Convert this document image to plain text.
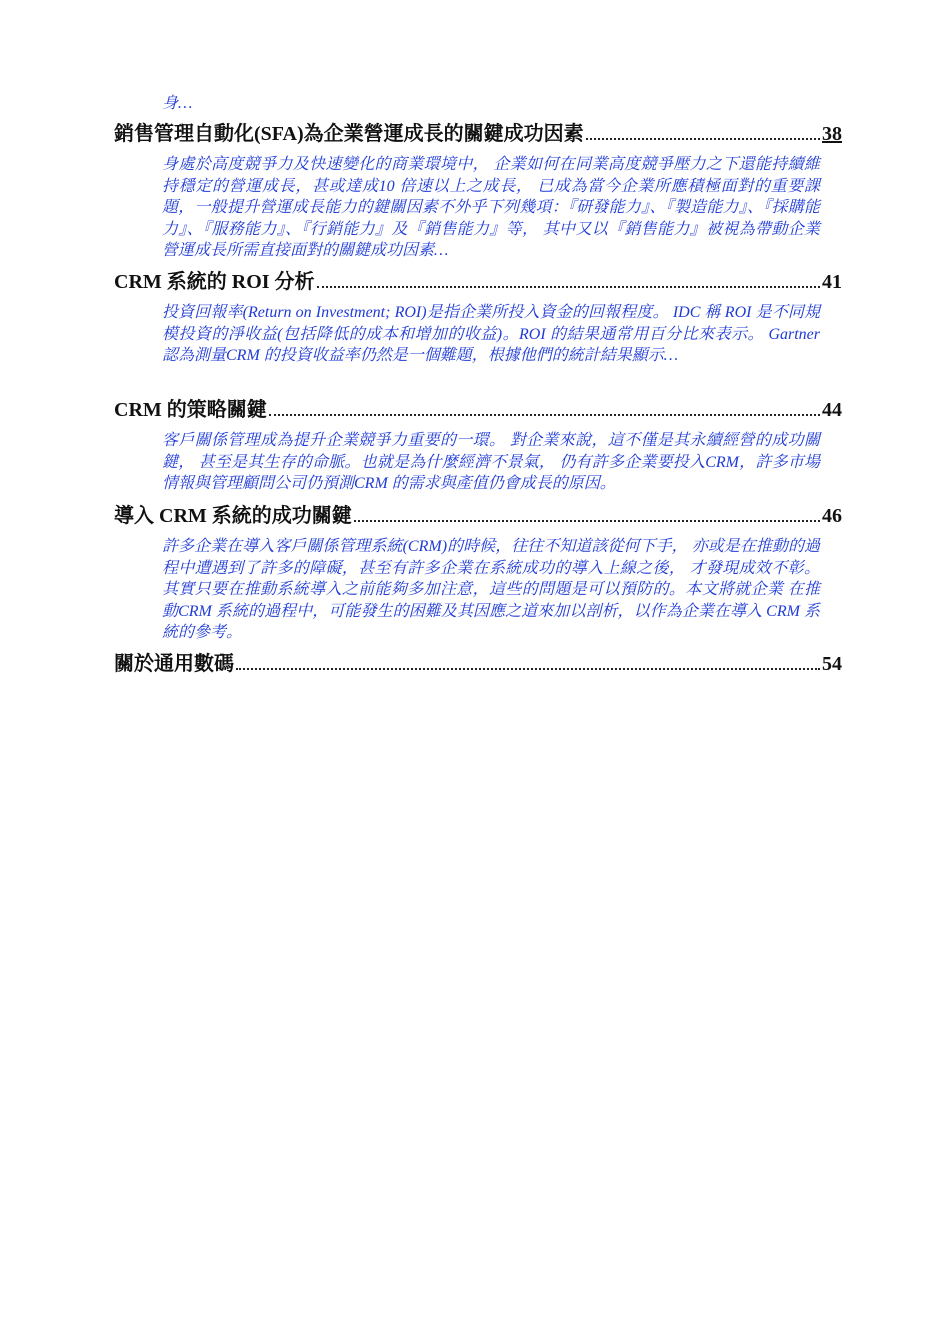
身…
銷售管理自動化(SFA)為企業營運成長的關鍵成功因素	38
身處於高度競爭力及快速變化的商業環境中， 企業如何在同業高度競爭壓力之下還能持續維持穩定的營運成長，甚或達成10 倍速以上之成長， 已成為當今企業所應積極面對的重要課題，一般提升營運成長能力的鍵關因素不外乎下列幾項：『研發能力』、『製造能力』、『採購能力』、『服務能力』、『行銷能力』及『銷售能力』等， 其中又以『銷售能力』被視為帶動企業營運成長所需直接面對的關鍵成功因素…
CRM 系統的 ROI 分析	41
投資回報率(Return on Investment; ROI)是指企業所投入資金的回報程度。 IDC 稱 ROI 是不同規模投資的淨收益(包括降低的成本和增加的收益)。ROI 的結果通常用百分比來表示。 Gartner 認為測量CRM 的投資收益率仍然是一個難題，根據他們的統計結果顯示…
CRM 的策略關鍵	44
客戶關係管理成為提升企業競爭力重要的一環。 對企業來說，這不僅是其永續經營的成功關鍵， 甚至是其生存的命脈。也就是為什麼經濟不景氣， 仍有許多企業要投入CRM，許多市場情報與管理顧問公司仍預測CRM 的需求與產值仍會成長的原因。
導入 CRM 系統的成功關鍵	46
許多企業在導入客戶關係管理系統(CRM)的時候，往往不知道該從何下手， 亦或是在推動的過程中遭遇到了許多的障礙，甚至有許多企業在系統成功的導入上線之後， 才發現成效不彰。其實只要在推動系統導入之前能夠多加注意，這些的問題是可以預防的。本文將就企業 在推動CRM 系統的過程中，可能發生的困難及其因應之道來加以剖析，以作為企業在導入 CRM 系統的參考。
關於通用數碼	54
